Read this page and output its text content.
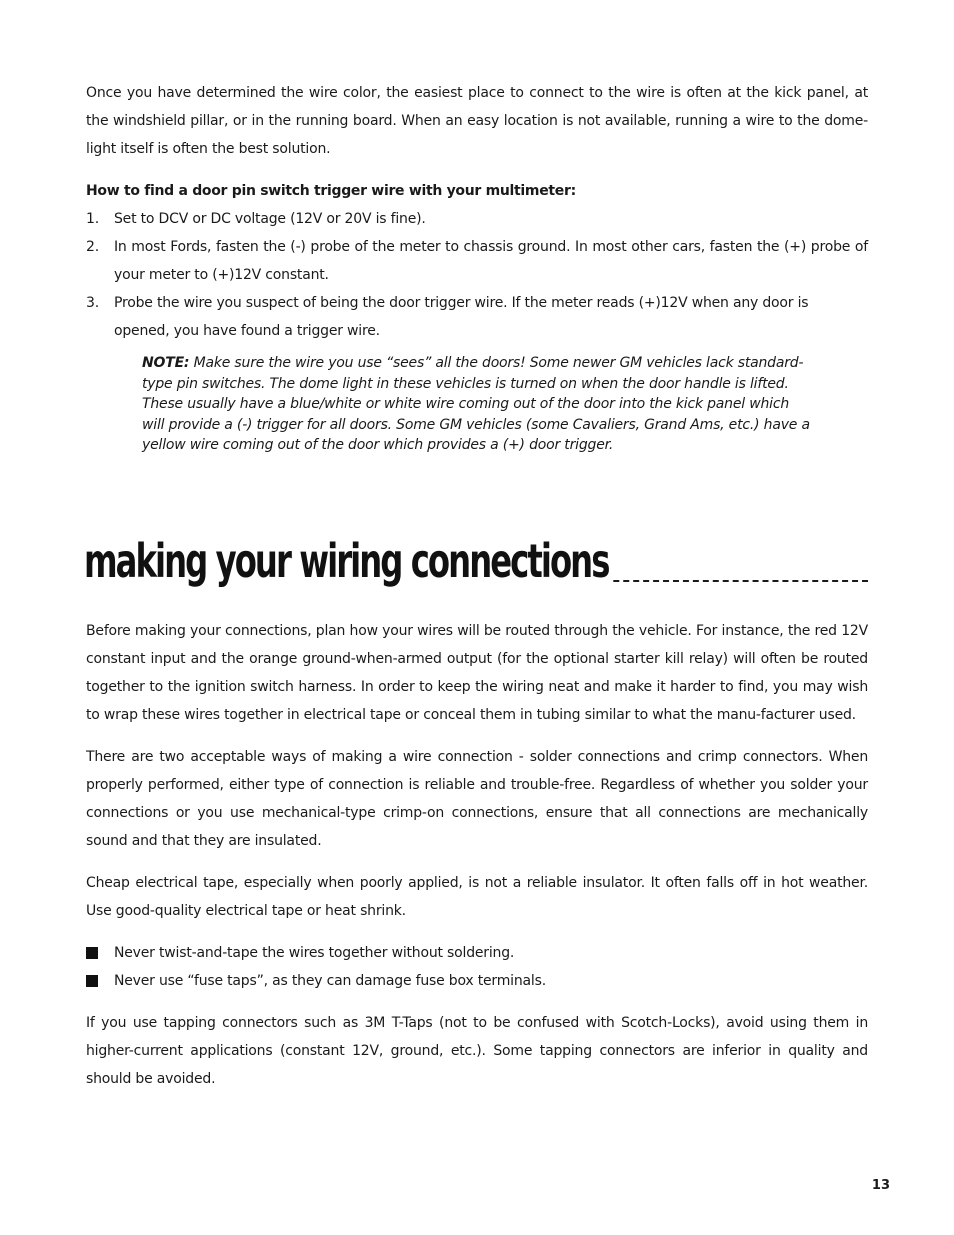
Once you have determined the wire color, the easiest place to connect to the wire is often at the kick panel, at the windshield pillar, or in the running board. When an easy location is not available, running a wire to the dome-light itself is often the best solution.

How to find a door pin switch trigger wire with your multimeter:

1. Set to DCV or DC voltage (12V or 20V is fine).
2. In most Fords, fasten the (-) probe of the meter to chassis ground. In most other cars, fasten the (+) probe of your meter to (+)12V constant.
3. Probe the wire you suspect of being the door trigger wire. If the meter reads (+)12V when any door is opened, you have found a trigger wire.

NOTE: Make sure the wire you use “sees” all the doors! Some newer GM vehicles lack standard-type pin switches. The dome light in these vehicles is turned on when the door handle is lifted. These usually have a blue/white or white wire coming out of the door into the kick panel which will provide a (-) trigger for all doors. Some GM vehicles (some Cavaliers, Grand Ams, etc.) have a yellow wire coming out of the door which provides a (+) door trigger.

making your wiring connections

Before making your connections, plan how your wires will be routed through the vehicle. For instance, the red 12V constant input and the orange ground-when-armed output (for the optional starter kill relay) will often be routed together to the ignition switch harness. In order to keep the wiring neat and make it harder to find, you may wish to wrap these wires together in electrical tape or conceal them in tubing similar to what the manu-facturer used.

There are two acceptable ways of making a wire connection - solder connections and crimp connectors. When properly performed, either type of connection is reliable and trouble-free. Regardless of whether you solder your connections or you use mechanical-type crimp-on connections, ensure that all connections are mechanically sound and that they are insulated.

Cheap electrical tape, especially when poorly applied, is not a reliable insulator. It often falls off in hot weather. Use good-quality electrical tape or heat shrink.

Never twist-and-tape the wires together without soldering.
Never use “fuse taps”, as they can damage fuse box terminals.

If you use tapping connectors such as 3M T-Taps (not to be confused with Scotch-Locks), avoid using them in higher-current applications (constant 12V, ground, etc.). Some tapping connectors are inferior in quality and should be avoided.

13
